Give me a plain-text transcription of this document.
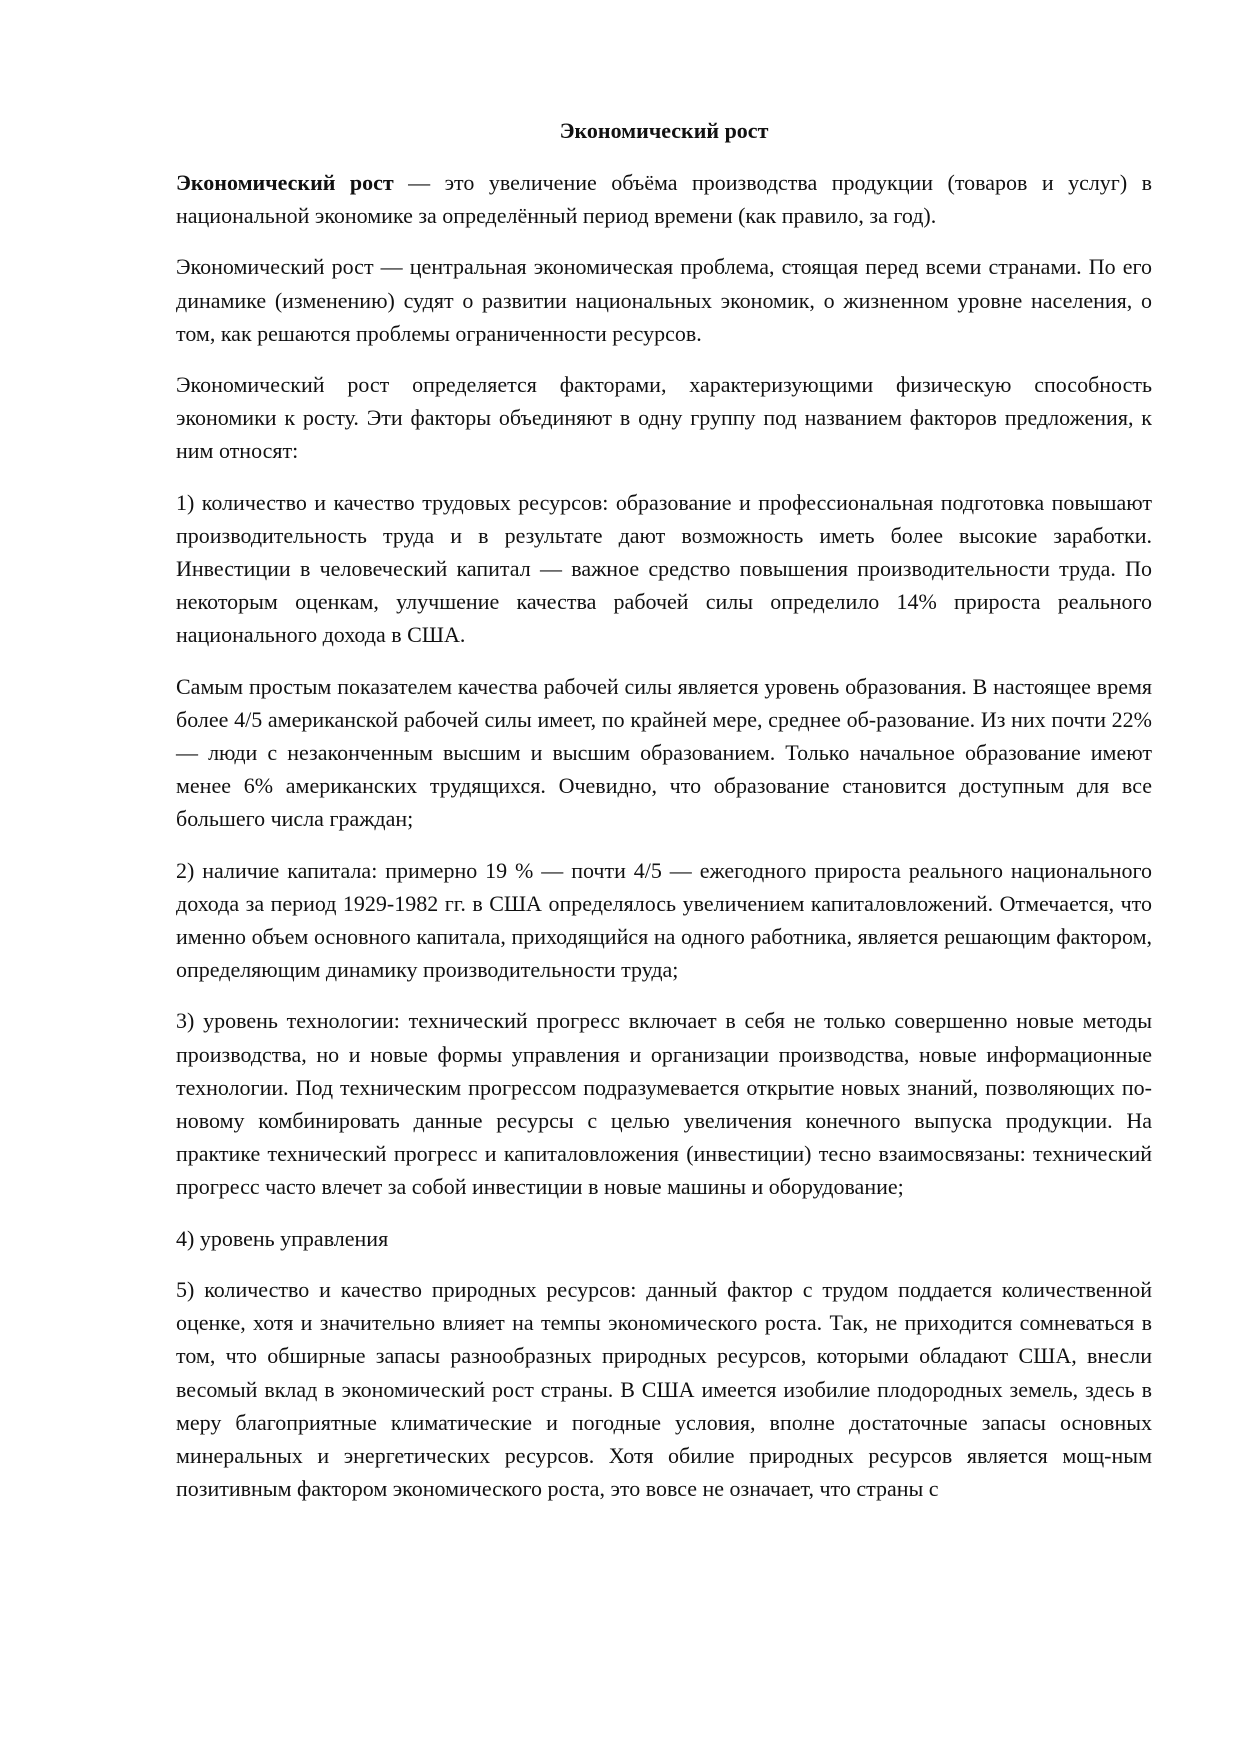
Экономический рост

Экономический рост — это увеличение объёма производства продукции (товаров и услуг) в национальной экономике за определённый период времени (как правило, за год).

Экономический рост — центральная экономическая проблема, стоящая перед всеми странами. По его динамике (изменению) судят о развитии национальных экономик, о жизненном уровне населения, о том, как решаются проблемы ограниченности ресурсов.

Экономический рост определяется факторами, характеризующими физическую способность экономики к росту. Эти факторы объединяют в одну группу под названием факторов предложения, к ним относят:

1) количество и качество трудовых ресурсов: образование и профессиональная подготовка повышают производительность труда и в результате дают возможность иметь более высокие заработки. Инвестиции в человеческий капитал — важное средство повышения производительности труда. По некоторым оценкам, улучшение качества рабочей силы определило 14% прироста реального национального дохода в США.

Самым простым показателем качества рабочей силы является уровень образования. В настоящее время более 4/5 американской рабочей силы имеет, по крайней мере, среднее об-разование. Из них почти 22% — люди с незаконченным высшим и высшим образованием. Только начальное образование имеют менее 6% американских трудящихся. Очевидно, что образование становится доступным для все большего числа граждан;

2) наличие капитала: примерно 19 % — почти 4/5 — ежегодного прироста реального национального дохода за период 1929-1982 гг. в США определялось увеличением капиталовложений. Отмечается, что именно объем основного капитала, приходящийся на одного работника, является решающим фактором, определяющим динамику производительности труда;

3) уровень технологии: технический прогресс включает в себя не только совершенно новые методы производства, но и новые формы управления и организации производства, новые информационные технологии. Под техническим прогрессом подразумевается открытие новых знаний, позволяющих по-новому комбинировать данные ресурсы с целью увеличения конечного выпуска продукции. На практике технический прогресс и капиталовложения (инвестиции) тесно взаимосвязаны: технический прогресс часто влечет за собой инвестиции в новые машины и оборудование;

4) уровень управления

5) количество и качество природных ресурсов: данный фактор с трудом поддается количественной оценке, хотя и значительно влияет на темпы экономического роста. Так, не приходится сомневаться в том, что обширные запасы разнообразных природных ресурсов, которыми обладают США, внесли весомый вклад в экономический рост страны. В США имеется изобилие плодородных земель, здесь в меру благоприятные климатические и погодные условия, вполне достаточные запасы основных минеральных и энергетических ресурсов. Хотя обилие природных ресурсов является мощ-ным позитивным фактором экономического роста, это вовсе не означает, что страны с
